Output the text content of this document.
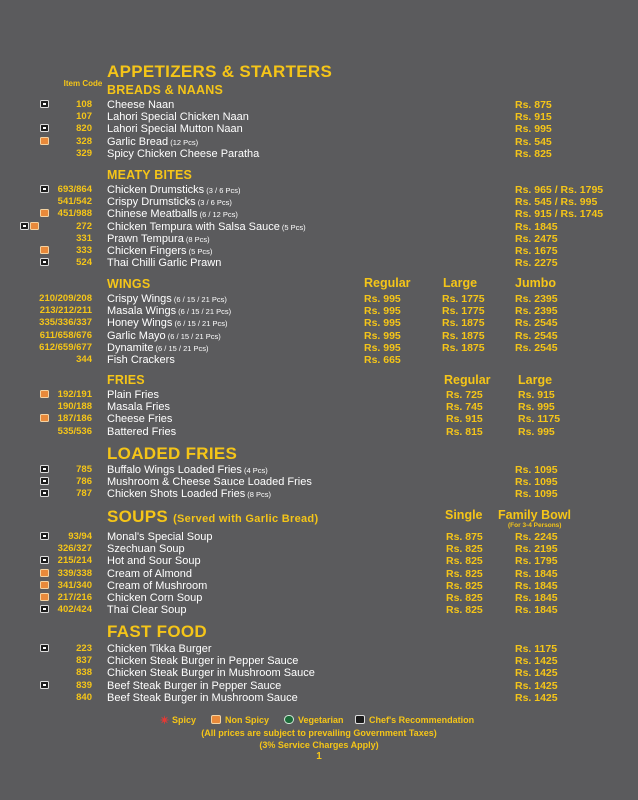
APPETIZERS & STARTERS
Item Code BREADS & NAANS
108 Cheese Naan	Rs. 875
107 Lahori Special Chicken Naan	Rs. 915
820 Lahori Special Mutton Naan	Rs. 995
328 Garlic Bread (12 Pcs)	Rs. 545
329 Spicy Chicken Cheese Paratha	Rs. 825
MEATY BITES
693/864 Chicken Drumsticks (3 / 6 Pcs)	Rs. 965 / Rs. 1795
541/542 Crispy Drumsticks (3 / 6 Pcs)	Rs. 545 / Rs. 995
451/988 Chinese Meatballs (6 / 12 Pcs)	Rs. 915 / Rs. 1745
272 Chicken Tempura with Salsa Sauce (5 Pcs)	Rs. 1845
331 Prawn Tempura (8 Pcs)	Rs. 2475
333 Chicken Fingers (5 Pcs)	Rs. 1675
524 Thai Chilli Garlic Prawn	Rs. 2275
WINGS	Regular	Large	Jumbo
210/209/208 Crispy Wings (6 / 15 / 21 Pcs)	Rs. 995	Rs. 1775	Rs. 2395
213/212/211 Masala Wings (6 / 15 / 21 Pcs)	Rs. 995	Rs. 1775	Rs. 2395
335/336/337 Honey Wings (6 / 15 / 21 Pcs)	Rs. 995	Rs. 1875	Rs. 2545
611/658/676 Garlic Mayo (6 / 15 / 21 Pcs)	Rs. 995	Rs. 1875	Rs. 2545
612/659/677 Dynamite (6 / 15 / 21 Pcs)	Rs. 995	Rs. 1875	Rs. 2545
344 Fish Crackers	Rs. 665
FRIES	Regular Large
192/191 Plain Fries	Rs. 725	Rs. 915
190/188 Masala Fries	Rs. 745	Rs. 995
187/186 Cheese Fries	Rs. 915	Rs. 1175
535/536 Battered Fries	Rs. 815	Rs. 995
LOADED FRIES
785 Buffalo Wings Loaded Fries (4 Pcs)	Rs. 1095
786 Mushroom & Cheese Sauce Loaded Fries	Rs. 1095
787 Chicken Shots Loaded Fries (8 Pcs)	Rs. 1095
SOUPS (Served with Garlic Bread)	Single Family Bowl
(For 3-4 Persons)
93/94 Monal's Special Soup	Rs. 875	Rs. 2245
326/327 Szechuan Soup	Rs. 825	Rs. 2195
215/214 Hot and Sour Soup	Rs. 825	Rs. 1795
339/338 Cream of Almond	Rs. 825	Rs. 1845
341/340 Cream of Mushroom	Rs. 825	Rs. 1845
217/216 Chicken Corn Soup	Rs. 825	Rs. 1845
402/424 Thai Clear Soup	Rs. 825	Rs. 1845
FAST FOOD
223 Chicken Tikka Burger	Rs. 1175
837 Chicken Steak Burger in Pepper Sauce	Rs. 1425
838 Chicken Steak Burger in Mushroom Sauce	Rs. 1425
839 Beef Steak Burger in Pepper Sauce	Rs. 1425
840 Beef Steak Burger in Mushroom Sauce	Rs. 1425
✴ Spicy	Non Spicy	Vegetarian	Chef's Recommendation
(All prices are subject to prevailing Government Taxes)
(3% Service Charges Apply)
1
